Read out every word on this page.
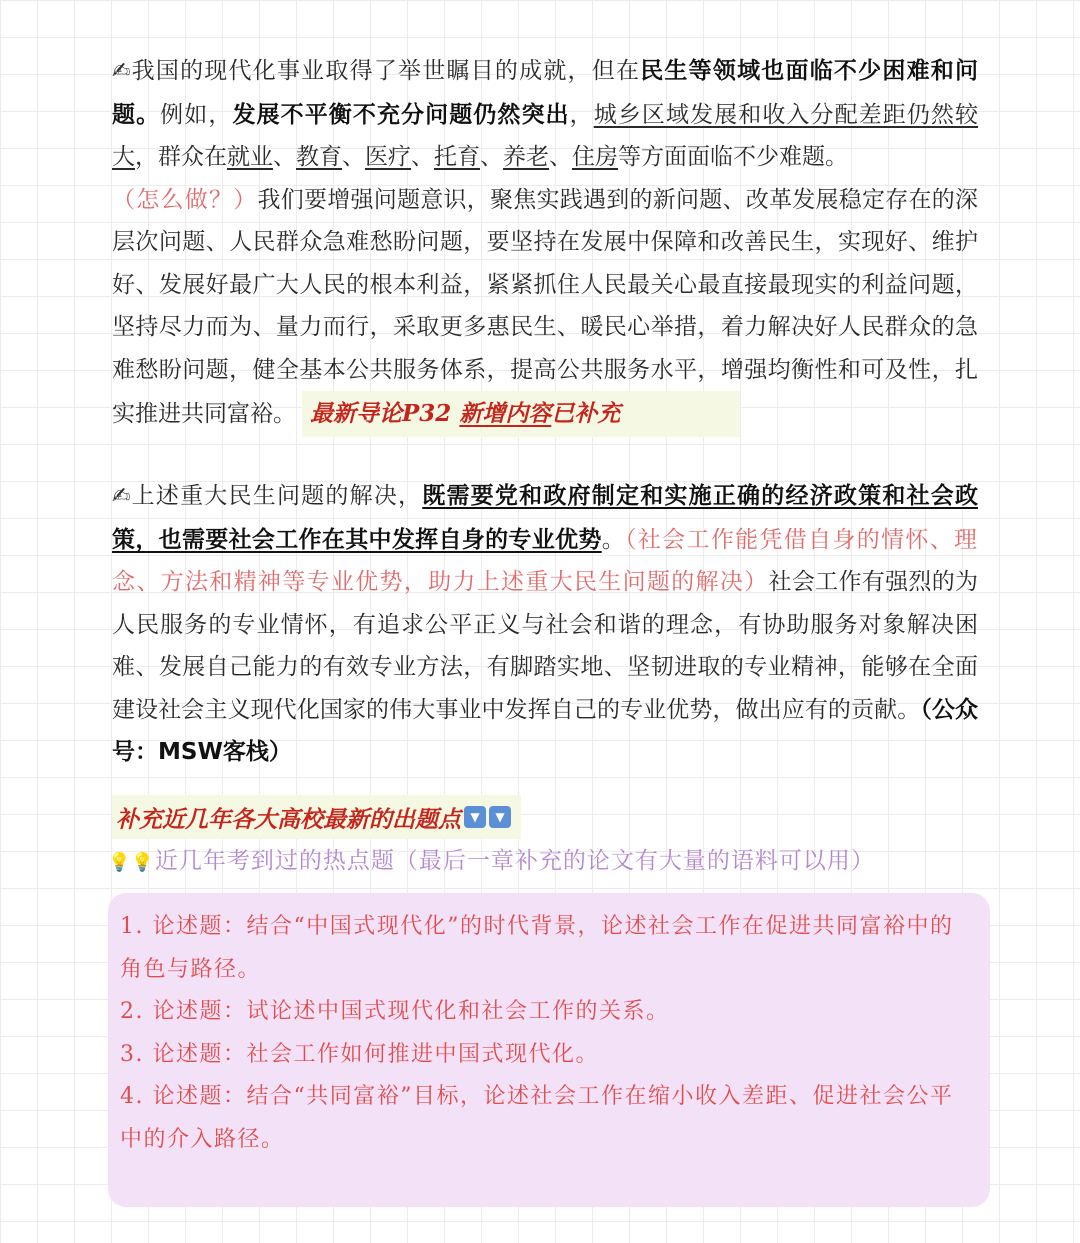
✍我国的现代化事业取得了举世瞩目的成就，但在民生等领域也面临不少困难和问题。例如，发展不平衡不充分问题仍然突出，城乡区域发展和收入分配差距仍然较大，群众在就业、教育、医疗、托育、养老、住房等方面面临不少难题。
（怎么做？）我们要增强问题意识，聚焦实践遇到的新问题、改革发展稳定存在的深层次问题、人民群众急难愁盼问题，要坚持在发展中保障和改善民生，实现好、维护好、发展好最广大人民的根本利益，紧紧抓住人民最关心最直接最现实的利益问题，坚持尽力而为、量力而行，采取更多惠民生、暖民心举措，着力解决好人民群众的急难愁盼问题，健全基本公共服务体系，提高公共服务水平，增强均衡性和可及性，扎实推进共同富裕。 最新导论P32 新增内容已补充
✍上述重大民生问题的解决，既需要党和政府制定和实施正确的经济政策和社会政策，也需要社会工作在其中发挥自身的专业优势。（社会工作能凭借自身的情怀、理念、方法和精神等专业优势，助力上述重大民生问题的解决）社会工作有强烈的为人民服务的专业情怀，有追求公平正义与社会和谐的理念，有协助服务对象解决困难、发展自己能力的有效专业方法，有脚踏实地、坚韧进取的专业精神，能够在全面建设社会主义现代化国家的伟大事业中发挥自己的专业优势，做出应有的贡献。（公众号：MSW客栈）
补充近几年各大高校最新的出题点 ▼	▼
💡💡近几年考到过的热点题（最后一章补充的论文有大量的语料可以用）
1. 论述题：结合“中国式现代化”的时代背景，论述社会工作在促进共同富裕中的角色与路径。
2. 论述题：试论述中国式现代化和社会工作的关系。
3. 论述题：社会工作如何推进中国式现代化。
4. 论述题：结合“共同富裕”目标，论述社会工作在缩小收入差距、促进社会公平中的介入路径。
